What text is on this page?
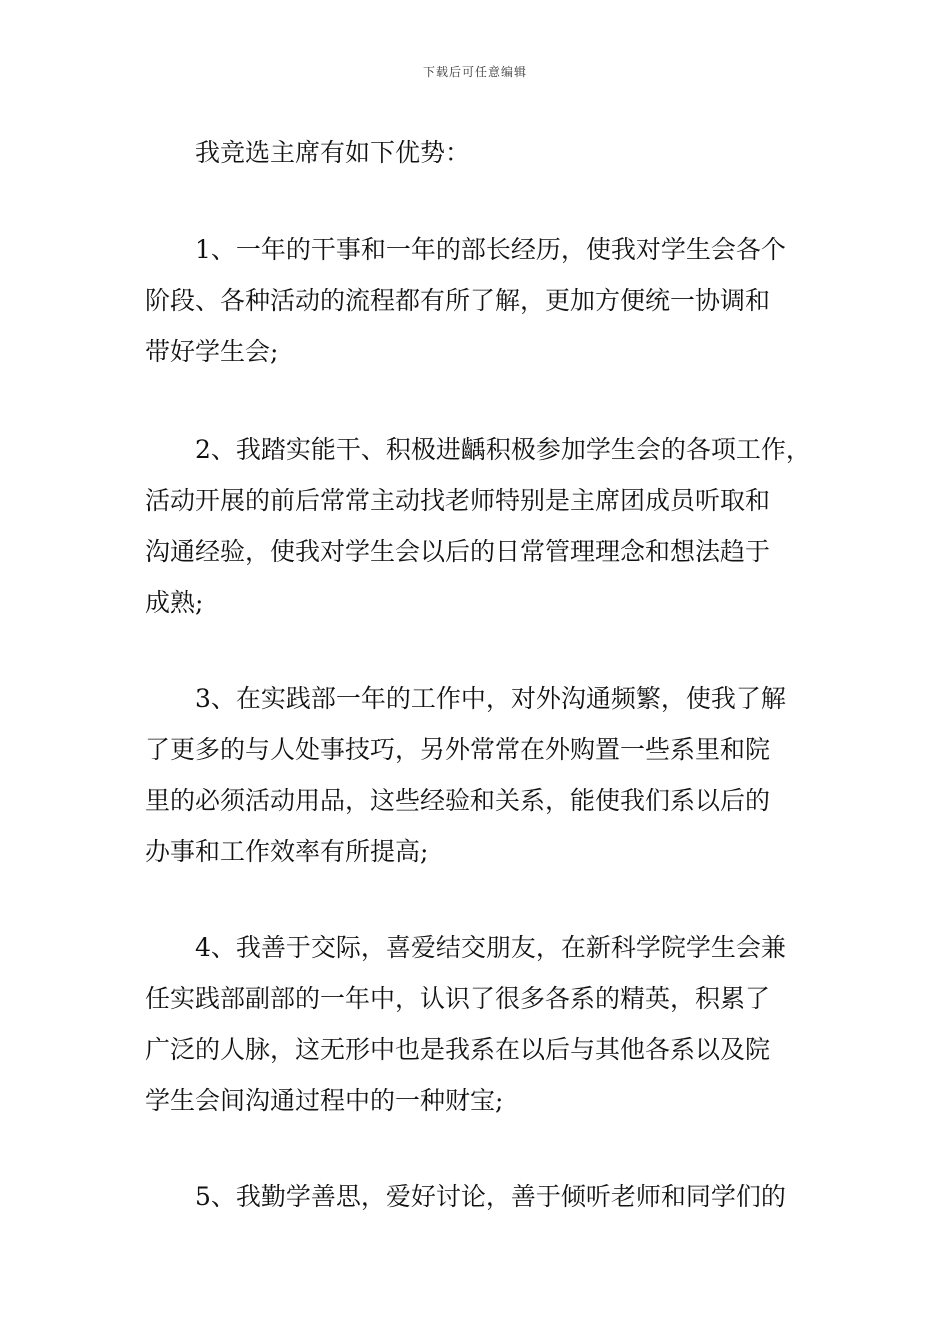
下载后可任意编辑

我竞选主席有如下优势：

1、一年的干事和一年的部长经历，使我对学生会各个
阶段、各种活动的流程都有所了解，更加方便统一协调和
带好学生会;
2、我踏实能干、积极进齲积极参加学生会的各项工作，
活动开展的前后常常主动找老师特别是主席团成员听取和
沟通经验，使我对学生会以后的日常管理理念和想法趋于
成熟;
3、在实践部一年的工作中，对外沟通频繁，使我了解
了更多的与人处事技巧，另外常常在外购置一些系里和院
里的必须活动用品，这些经验和关系，能使我们系以后的
办事和工作效率有所提高;
4、我善于交际，喜爱结交朋友，在新科学院学生会兼
任实践部副部的一年中，认识了很多各系的精英，积累了
广泛的人脉，这无形中也是我系在以后与其他各系以及院
学生会间沟通过程中的一种财宝;
5、我勤学善思，爱好讨论，善于倾听老师和同学们的
